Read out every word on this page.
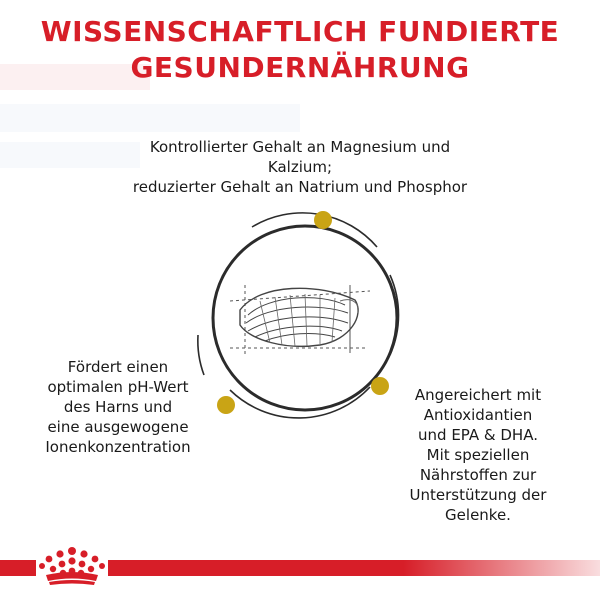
WISSENSCHAFTLICH FUNDIERTE
GESUNDERNÄHRUNG
Kontrollierter Gehalt an Magnesium und
Kalzium;
reduzierter Gehalt an Natrium und Phosphor
Fördert einen
optimalen pH-Wert
des Harns und
eine ausgewogene
Ionenkonzentration
Angereichert mit
Antioxidantien
und EPA & DHA.
Mit speziellen
Nährstoffen zur
Unterstützung der
Gelenke.
